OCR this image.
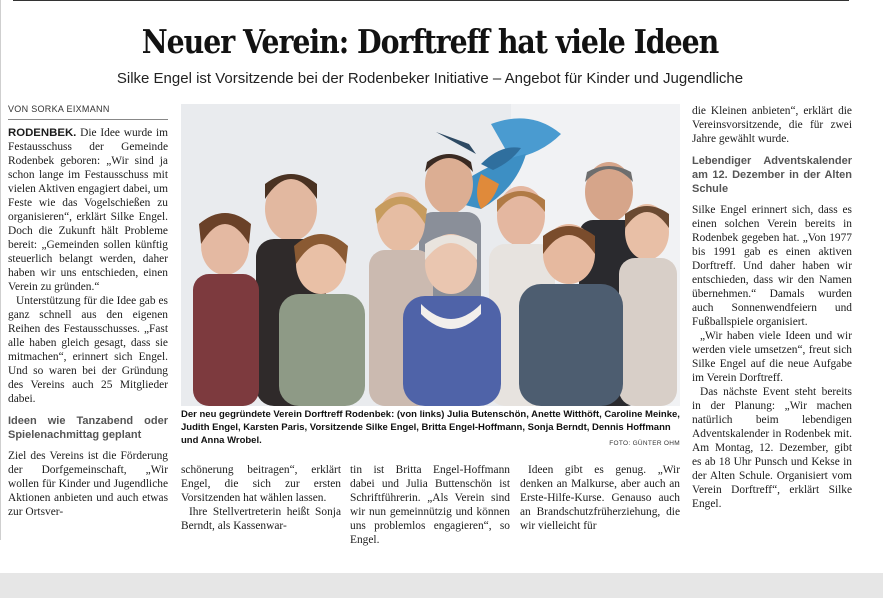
Neuer Verein: Dorftreff hat viele Ideen
Silke Engel ist Vorsitzende bei der Rodenbeker Initiative – Angebot für Kinder und Jugendliche
VON SORKA EIXMANN

RODENBEK. Die Idee wurde im Festausschuss der Gemeinde Rodenbek geboren: „Wir sind ja schon lange im Festausschuss mit vielen Aktiven engagiert dabei, um Feste wie das Vogelschießen zu organisieren“, erklärt Silke Engel. Doch die Zukunft hält Probleme bereit: „Gemeinden sollen künftig steuerlich belangt werden, daher haben wir uns entschieden, einen Verein zu gründen.“

Unterstützung für die Idee gab es ganz schnell aus den eigenen Reihen des Festausschusses. „Fast alle haben gleich gesagt, dass sie mitmachen“, erinnert sich Engel. Und so waren bei der Gründung des Vereins auch 25 Mitglieder dabei.

Ideen wie Tanzabend oder Spielenachmittag geplant

Ziel des Vereins ist die Förderung der Dorfgemeinschaft, „Wir wollen für Kinder und Jugendliche Aktionen anbieten und auch etwas zur Ortsver-

Der neu gegründete Verein Dorftreff Rodenbek: (von links) Julia Butenschön, Anette Witthöft, Caroline Meinke, Judith Engel, Karsten Paris, Vorsitzende Silke Engel, Britta Engel-Hoffmann, Sonja Berndt, Dennis Hoffmann und Anna Wrobel.	FOTO: GÜNTER OHM

schönerung beitragen“, erklärt Engel, die sich zur ersten Vorsitzenden hat wählen lassen.

Ihre Stellvertreterin heißt Sonja Berndt, als Kassenwar-

tin ist Britta Engel-Hoffmann dabei und Julia Buttenschön ist Schriftführerin. „Als Verein sind wir nun gemeinnützig und können uns problemlos engagieren“, so Engel.

Ideen gibt es genug. „Wir denken an Malkurse, aber auch an Erste-Hilfe-Kurse. Genauso auch an Brandschutzfrüherziehung, die wir vielleicht für

die Kleinen anbieten“, erklärt die Vereinsvorsitzende, die für zwei Jahre gewählt wurde.

Lebendiger Adventskalender am 12. Dezember in der Alten Schule

Silke Engel erinnert sich, dass es einen solchen Verein bereits in Rodenbek gegeben hat. „Von 1977 bis 1991 gab es einen aktiven Dorftreff. Und daher haben wir entschieden, dass wir den Namen übernehmen.“ Damals wurden auch Sonnenwendfeiern und Fußballspiele organisiert.

„Wir haben viele Ideen und wir werden viele umsetzen“, freut sich Silke Engel auf die neue Aufgabe im Verein Dorftreff.

Das nächste Event steht bereits in der Planung: „Wir machen natürlich beim lebendigen Adventskalender in Rodenbek mit. Am Montag, 12. Dezember, gibt es ab 18 Uhr Punsch und Kekse in der Alten Schule. Organisiert vom Verein Dorftreff“, erklärt Silke Engel.
